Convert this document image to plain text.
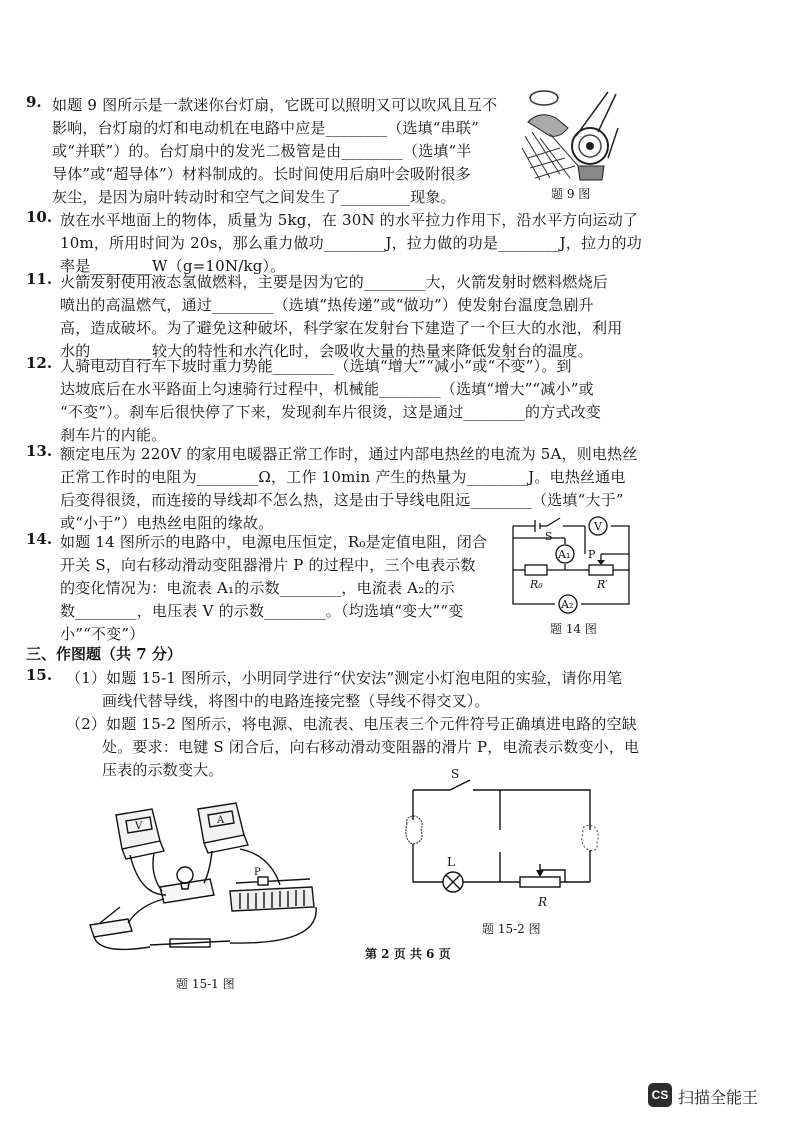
9. 如题 9 图所示是一款迷你台灯扇，它既可以照明又可以吹风且互不
影响，台灯扇的灯和电动机在电路中应是________（选填“串联”
或“并联”）的。台灯扇中的发光二极管是由________（选填“半
导体”或“超导体”）材料制成的。长时间使用后扇叶会吸附很多
灰尘，是因为扇叶转动时和空气之间发生了_________现象。	题 9 图
10. 放在水平地面上的物体，质量为 5kg，在 30N 的水平拉力作用下，沿水平方向运动了
10m，所用时间为 20s，那么重力做功________J，拉力做的功是________J，拉力的功
率是________W（g=10N/kg）。
11. 火箭发射使用液态氢做燃料，主要是因为它的________大，火箭发射时燃料燃烧后
喷出的高温燃气，通过________（选填“热传递”或“做功”）使发射台温度急剧升
高，造成破坏。为了避免这种破坏，科学家在发射台下建造了一个巨大的水池，利用
水的________较大的特性和水汽化时，会吸收大量的热量来降低发射台的温度。
12. 人骑电动自行车下坡时重力势能________（选填“增大”“减小”或“不变”）。到
达坡底后在水平路面上匀速骑行过程中，机械能________（选填“增大”“减小”或
“不变”）。刹车后很快停了下来，发现刹车片很烫，这是通过________的方式改变
刹车片的内能。
13. 额定电压为 220V 的家用电暖器正常工作时，通过内部电热丝的电流为 5A，则电热丝
正常工作时的电阻为________Ω，工作 10min 产生的热量为________J。电热丝通电
后变得很烫，而连接的导线却不怎么热，这是由于导线电阻远________（选填“大于”
或“小于”）电热丝电阻的缘故。
14. 如题 14 图所示的电路中，电源电压恒定，R₀是定值电阻，闭合
开关 S，向右移动滑动变阻器滑片 P 的过程中，三个电表示数
的变化情况为：电流表 A₁的示数________，电流表 A₂的示
数________，电压表 V 的示数________。（均选填“变大”“变
小”“不变”）
V
S
A₁
A₂
P
R₀	R′
题 14 图
三、作图题（共 7 分）
15. （1）如题 15-1 图所示，小明同学进行“伏安法”测定小灯泡电阻的实验，请你用笔
画线代替导线，将图中的电路连接完整（导线不得交叉）。
（2）如题 15-2 图所示，将电源、电流表、电压表三个元件符号正确填进电路的空缺
处。要求：电键 S 闭合后，向右移动滑动变阻器的滑片 P，电流表示数变小，电
压表的示数变大。
V
A
P
题 15-1 图
第 2 页 共 6 页
S
L
R
题 15-2 图
CS 扫描全能王
